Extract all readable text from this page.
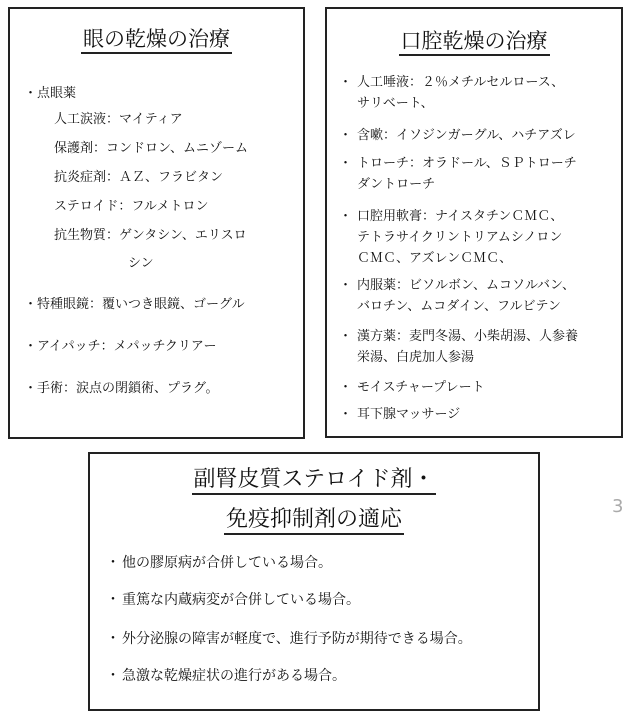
眼の乾燥の治療
・点眼薬
人工涙液：マイティア
保護剤：コンドロン、ムニゾーム
抗炎症剤：ＡＺ、フラビタン
ステロイド：フルメトロン
抗生物質：ゲンタシン、エリスロ
シン
・特種眼鏡：覆いつき眼鏡、ゴーグル
・アイパッチ：メパッチクリアー
・手術：涙点の閉鎖術、プラグ。
口腔乾燥の治療
・ 人工唾液：２％メチルセルロース、
サリベート、
・ 含嗽：イソジンガーグル、ハチアズレ
・ トローチ：オラドール、ＳＰトローチ
ダントローチ
・ 口腔用軟膏：ナイスタチンＣＭＣ、
テトラサイクリントリアムシノロン
ＣＭＣ、アズレンＣＭＣ、
・ 内服薬：ビソルボン、ムコソルバン、
バロチン、ムコダイン、フルビテン
・ 漢方薬：麦門冬湯、小柴胡湯、人参養
栄湯、白虎加人参湯
・ モイスチャープレート
・ 耳下腺マッサージ
副腎皮質ステロイド剤・
免疫抑制剤の適応
・ 他の膠原病が合併している場合。
・ 重篤な内蔵病変が合併している場合。
・ 外分泌腺の障害が軽度で、進行予防が期待できる場合。
・ 急激な乾燥症状の進行がある場合。
3
